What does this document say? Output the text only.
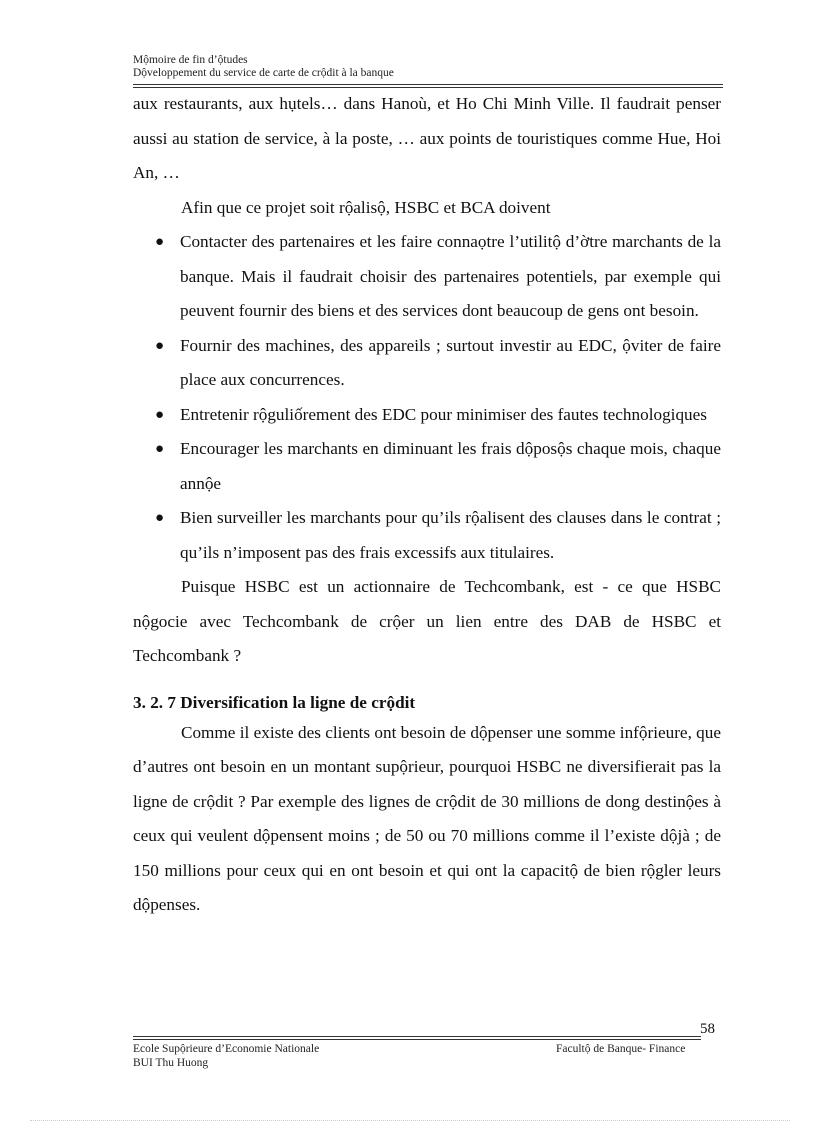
Mộmoire de fin d’ộtudes
Dộveloppement du service de carte de crộdit à la banque

aux restaurants, aux hụtels… dans Hanoù, et Ho Chi Minh Ville. Il faudrait penser aussi au station de service, à la poste, … aux points de touristiques comme Hue, Hoi An, …

Afin que ce projet soit rộalisộ, HSBC et BCA doivent

● Contacter des partenaires et les faire connaọtre l’utilitộ d’ờtre marchants de la banque. Mais il faudrait choisir des partenaires potentiels, par exemple qui peuvent fournir des biens et des services dont beaucoup de gens ont besoin.
● Fournir des machines, des appareils ; surtout investir au EDC, ộviter de faire place aux concurrences.
● Entretenir rộguliốrement des EDC pour minimiser des fautes technologiques
● Encourager les marchants en diminuant les frais dộposộs chaque mois, chaque annộe
● Bien surveiller les marchants pour qu’ils rộalisent des clauses dans le contrat ; qu’ils n’imposent pas des frais excessifs aux titulaires.

Puisque HSBC est un actionnaire de Techcombank, est - ce que HSBC nộgocie avec Techcombank de crộer un lien entre des DAB de HSBC et Techcombank ?

3. 2. 7 Diversification la ligne de crộdit

Comme il existe des clients ont besoin de dộpenser une somme infộrieure, que d’autres ont besoin en un montant supộrieur, pourquoi HSBC ne diversifierait pas la ligne de crộdit ? Par exemple des lignes de crộdit de 30 millions de dong destinộes à ceux qui veulent dộpensent moins ; de 50 ou 70 millions comme il l’existe dộjà ; de 150 millions pour ceux qui en ont besoin et qui ont la capacitộ de bien rộgler leurs dộpenses.

58
Ecole Supộrieure d’Economie Nationale
BUI Thu Huong
Facultộ de Banque- Finance
